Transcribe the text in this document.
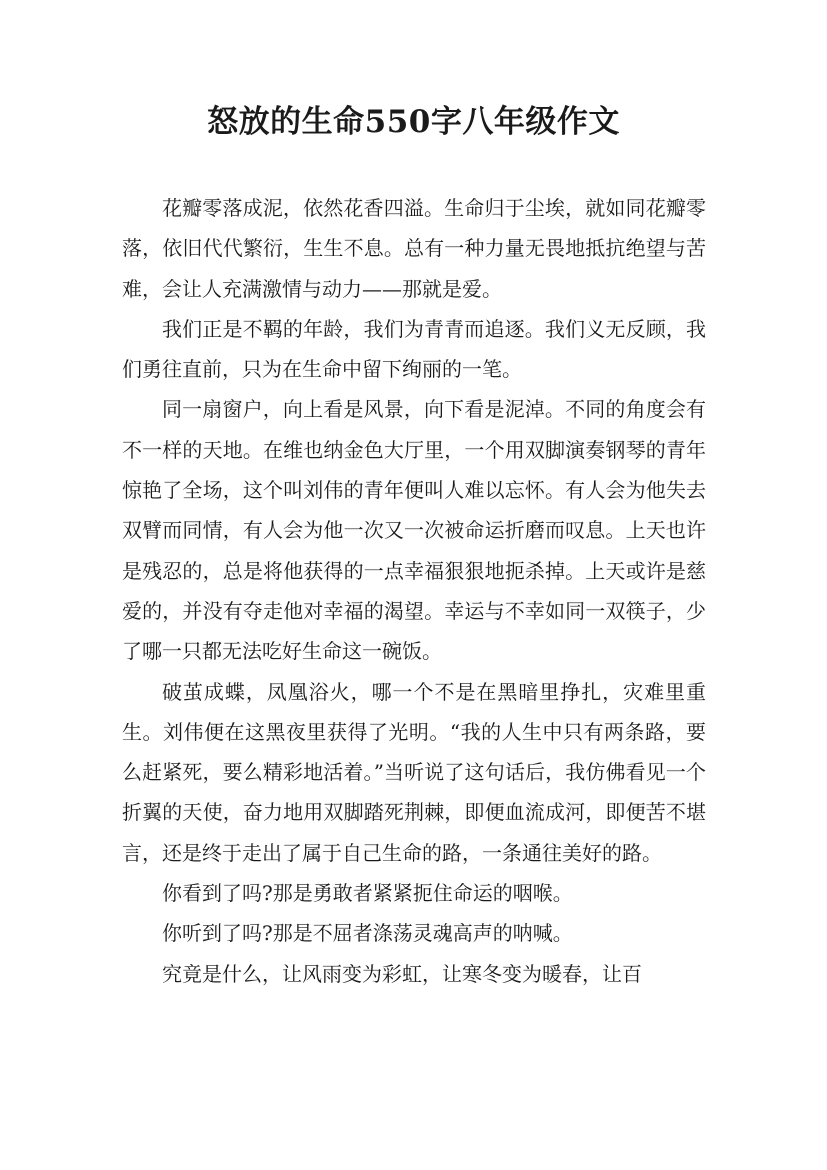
怒放的生命550字八年级作文

花瓣零落成泥，依然花香四溢。生命归于尘埃，就如同花瓣零落，依旧代代繁衍，生生不息。总有一种力量无畏地抵抗绝望与苦难，会让人充满激情与动力——那就是爱。

我们正是不羁的年龄，我们为青青而追逐。我们义无反顾，我们勇往直前，只为在生命中留下绚丽的一笔。

同一扇窗户，向上看是风景，向下看是泥淖。不同的角度会有不一样的天地。在维也纳金色大厅里，一个用双脚演奏钢琴的青年惊艳了全场，这个叫刘伟的青年便叫人难以忘怀。有人会为他失去双臂而同情，有人会为他一次又一次被命运折磨而叹息。上天也许是残忍的，总是将他获得的一点幸福狠狠地扼杀掉。上天或许是慈爱的，并没有夺走他对幸福的渴望。幸运与不幸如同一双筷子，少了哪一只都无法吃好生命这一碗饭。

破茧成蝶，凤凰浴火，哪一个不是在黑暗里挣扎，灾难里重生。刘伟便在这黑夜里获得了光明。“我的人生中只有两条路，要么赶紧死，要么精彩地活着。”当听说了这句话后，我仿佛看见一个折翼的天使，奋力地用双脚踏死荆棘，即便血流成河，即便苦不堪言，还是终于走出了属于自己生命的路，一条通往美好的路。

你看到了吗?那是勇敢者紧紧扼住命运的咽喉。

你听到了吗?那是不屈者涤荡灵魂高声的呐喊。

究竟是什么，让风雨变为彩虹，让寒冬变为暖春，让百
